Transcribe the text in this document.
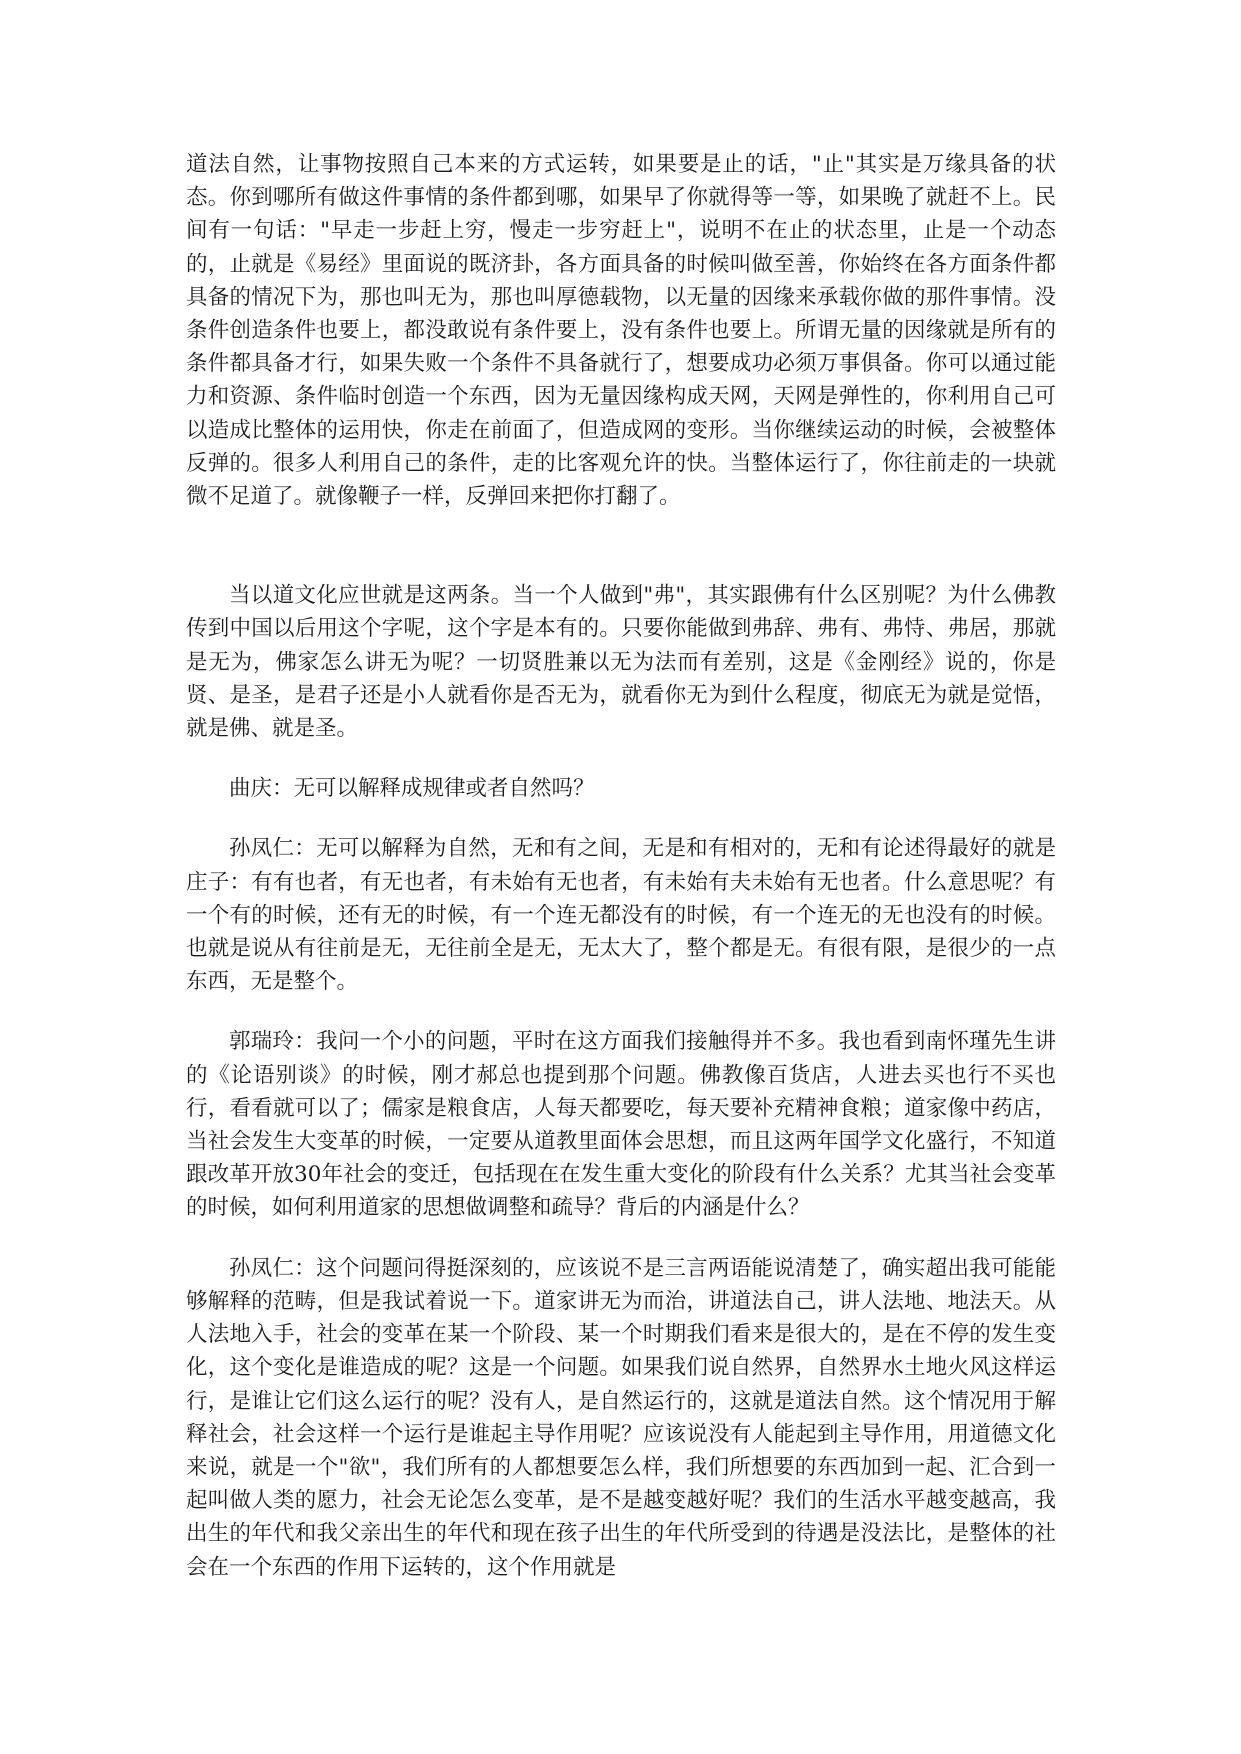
道法自然，让事物按照自己本来的方式运转，如果要是止的话，"止"其实是万缘具备的状态。你到哪所有做这件事情的条件都到哪，如果早了你就得等一等，如果晚了就赶不上。民间有一句话："早走一步赶上穷，慢走一步穷赶上"，说明不在止的状态里，止是一个动态的，止就是《易经》里面说的既济卦，各方面具备的时候叫做至善，你始终在各方面条件都具备的情况下为，那也叫无为，那也叫厚德载物，以无量的因缘来承载你做的那件事情。没条件创造条件也要上，都没敢说有条件要上，没有条件也要上。所谓无量的因缘就是所有的条件都具备才行，如果失败一个条件不具备就行了，想要成功必须万事俱备。你可以通过能力和资源、条件临时创造一个东西，因为无量因缘构成天网，天网是弹性的，你利用自己可以造成比整体的运用快，你走在前面了，但造成网的变形。当你继续运动的时候，会被整体反弹的。很多人利用自己的条件，走的比客观允许的快。当整体运行了，你往前走的一块就微不足道了。就像鞭子一样，反弹回来把你打翻了。

当以道文化应世就是这两条。当一个人做到"弗"，其实跟佛有什么区别呢？为什么佛教传到中国以后用这个字呢，这个字是本有的。只要你能做到弗辞、弗有、弗恃、弗居，那就是无为，佛家怎么讲无为呢？一切贤胜兼以无为法而有差别，这是《金刚经》说的，你是贤、是圣，是君子还是小人就看你是否无为，就看你无为到什么程度，彻底无为就是觉悟，就是佛、就是圣。

曲庆：无可以解释成规律或者自然吗？

孙凤仁：无可以解释为自然，无和有之间，无是和有相对的，无和有论述得最好的就是庄子：有有也者，有无也者，有未始有无也者，有未始有夫未始有无也者。什么意思呢？有一个有的时候，还有无的时候，有一个连无都没有的时候，有一个连无的无也没有的时候。也就是说从有往前是无，无往前全是无，无太大了，整个都是无。有很有限，是很少的一点东西，无是整个。

郭瑞玲：我问一个小的问题，平时在这方面我们接触得并不多。我也看到南怀瑾先生讲的《论语别谈》的时候，刚才郝总也提到那个问题。佛教像百货店，人进去买也行不买也行，看看就可以了；儒家是粮食店，人每天都要吃，每天要补充精神食粮；道家像中药店，当社会发生大变革的时候，一定要从道教里面体会思想，而且这两年国学文化盛行，不知道跟改革开放30年社会的变迁，包括现在在发生重大变化的阶段有什么关系？尤其当社会变革的时候，如何利用道家的思想做调整和疏导？背后的内涵是什么？

孙凤仁：这个问题问得挺深刻的，应该说不是三言两语能说清楚了，确实超出我可能能够解释的范畴，但是我试着说一下。道家讲无为而治，讲道法自己，讲人法地、地法天。从人法地入手，社会的变革在某一个阶段、某一个时期我们看来是很大的，是在不停的发生变化，这个变化是谁造成的呢？这是一个问题。如果我们说自然界，自然界水土地火风这样运行，是谁让它们这么运行的呢？没有人，是自然运行的，这就是道法自然。这个情况用于解释社会，社会这样一个运行是谁起主导作用呢？应该说没有人能起到主导作用，用道德文化来说，就是一个"欲"，我们所有的人都想要怎么样，我们所想要的东西加到一起、汇合到一起叫做人类的愿力，社会无论怎么变革，是不是越变越好呢？我们的生活水平越变越高，我出生的年代和我父亲出生的年代和现在孩子出生的年代所受到的待遇是没法比，是整体的社会在一个东西的作用下运转的，这个作用就是
